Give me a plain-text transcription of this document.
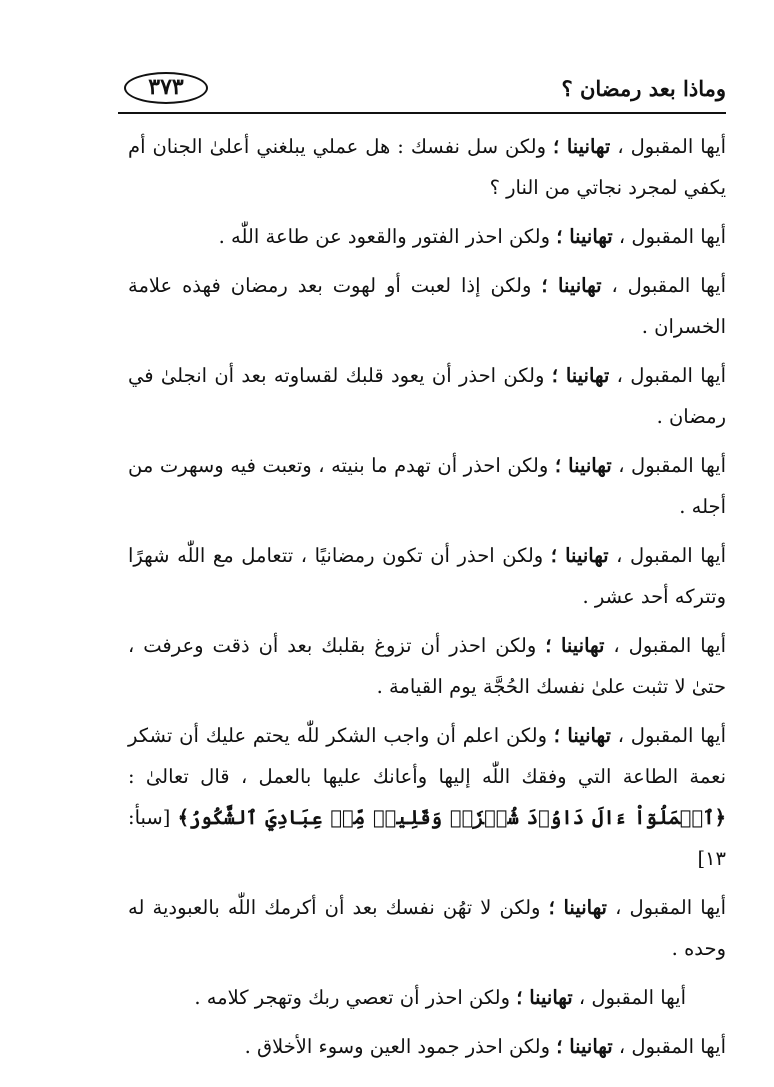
وماذا بعد رمضان ؟
٣٧٣

أيها المقبول ، تهانينا ؛ ولكن سل نفسك : هل عملي يبلغني أعلىٰ الجنان أم يكفي لمجرد نجاتي من النار ؟

أيها المقبول ، تهانينا ؛ ولكن احذر الفتور والقعود عن طاعة اللّٰه .

أيها المقبول ، تهانينا ؛ ولكن إذا لعبت أو لهوت بعد رمضان فهذه علامة الخسران .

أيها المقبول ، تهانينا ؛ ولكن احذر أن يعود قلبك لقساوته بعد أن انجلىٰ في رمضان .

أيها المقبول ، تهانينا ؛ ولكن احذر أن تهدم ما بنيته ، وتعبت فيه وسهرت من أجله .

أيها المقبول ، تهانينا ؛ ولكن احذر أن تكون رمضانيًا ، تتعامل مع اللّٰه شهرًا وتتركه أحد عشر .

أيها المقبول ، تهانينا ؛ ولكن احذر أن تزوغ بقلبك بعد أن ذقت وعرفت ، حتىٰ لا تثبت علىٰ نفسك الحُجَّة يوم القيامة .

أيها المقبول ، تهانينا ؛ ولكن اعلم أن واجب الشكر للّٰه يحتم عليك أن تشكر نعمة الطاعة التي وفقك اللّٰه إليها وأعانك عليها بالعمل ، قال تعالىٰ : ﴿ٱعۡمَلُوٓاْ ءَالَ دَاوُۥدَ شُكۡرٗاۚ وَقَلِيلٞ مِّنۡ عِبَادِيَ ٱلشَّكُورُ﴾ [سبأ: ١٣]

أيها المقبول ، تهانينا ؛ ولكن لا تهُن نفسك بعد أن أكرمك اللّٰه بالعبودية له وحده .

أيها المقبول ، تهانينا ؛ ولكن احذر أن تعصي ربك وتهجر كلامه .

أيها المقبول ، تهانينا ؛ ولكن احذر جمود العين وسوء الأخلاق .
